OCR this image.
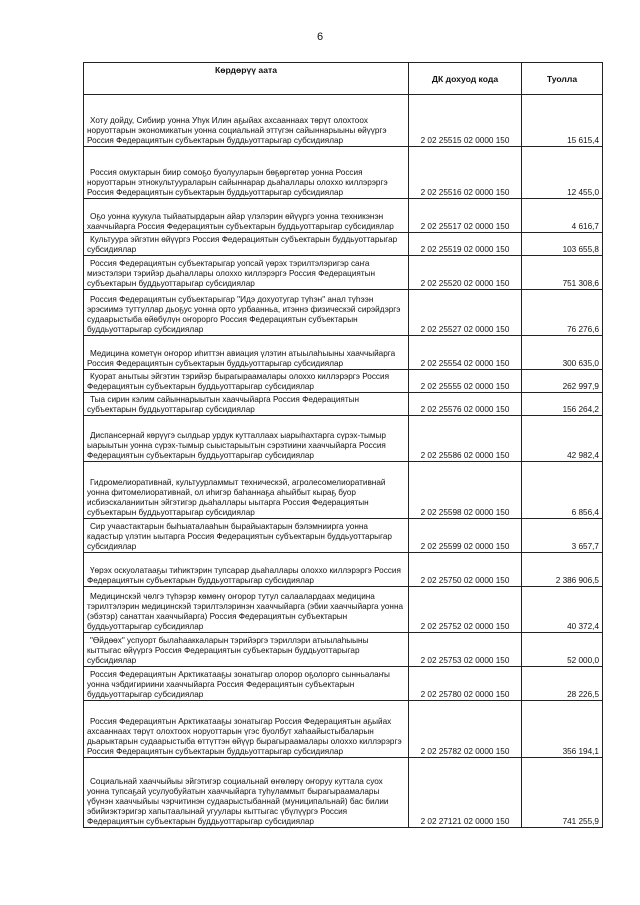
6
Көрдөрүү аата	ДК дохуод кода	Туолла

Хоту дойду, Сибиир уонна Уһук Илин аҕыйах ахсааннаах төрүт олохтоох норуоттарын экономикатын уонна социальнай эттүгэн сайыннарыыны өйүүргэ Россия Федерациятын субъектарын буддьуоттарыгар субсидиялар	2 02 25515 02 0000 150	15 615,4

Россия омуктарын биир сомоҕо буолууларын бөҕөргөтөр уонна Россия норуоттарын этнокультуураларын сайыннарар дьаһаллары олоххо киллэрэргэ Россия Федерациятын субъектарын буддьуоттарыгар субсидиялар	2 02 25516 02 0000 150	12 455,0

Оҕо уонна куукула тыйаатырдарын айар үлэлэрин өйүүргэ уонна техникэнэн хааччыйарга Россия Федерациятын субъектарын буддьуоттарыгар субсидиялар	2 02 25517 02 0000 150	4 616,7

Культуура эйгэтин өйүүргэ Россия Федерациятын субъектарын буддьуоттарыгар субсидиялар	2 02 25519 02 0000 150	103 655,8

Россия Федерациятын субъектарыгар уопсай үөрэх тэрилтэлэригэр саҥа миэстэлэри тэрийэр дьаһаллары олоххо киллэрэргэ Россия Федерациятын субъектарын буддьуоттарыгар субсидиялар	2 02 25520 02 0000 150	751 308,6

Россия Федерациятын субъектарыгар "Идэ дохуотугар түһэн" анал түһээн эрэсиимэ туттуллар дьоҕус уонна орто урбаанньа, итэннэ физическэй сирэйдэргэ судаарыстыба өйөбүлүн оҥорорго Россия Федерациятын субъектарын буддьуоттарыгар субсидиялар	2 02 25527 02 0000 150	76 276,6

Медицина кометүн оҥорор иһиттэн авиация үлэтин атыылаһыыны хааччыйарга Россия Федерациятын субъектарын буддьуоттарыгар субсидиялар	2 02 25554 02 0000 150	300 635,0

Куорат анытыы эйгэтин тэрийэр бырагыраамалары олоххо киллэрэргэ Россия Федерациятын субъектарын буддьуоттарыгар субсидиялар	2 02 25555 02 0000 150	262 997,9

Тыа сирин кэлим сайыннарыытын хааччыйарга Россия Федерациятын субъектарын буддьуоттарыгар субсидиялар	2 02 25576 02 0000 150	156 264,2

Диспансернай көрүүгэ сылдьар урдук кутталлаах ыарыһахтарга сүрэх-тымыр ыарыытын уонна сүрэх-тымыр сыыстарыытын сэрэтиини хааччыйарга Россия Федерациятын субъектарын буддьуоттарыгар субсидиялар	2 02 25586 02 0000 150	42 982,4

Гидромелиоративнай, культуурламмыт техническэй, агролесомелиоративнай уонна фитомелиоративнай, ол иһигэр баһаннаҕа аһыйбыт кыраҕ буор исбиэскаланиитын эйгэтигэр дьаһаллары ыытарга Россия Федерациятын субъектарын буддьуоттарыгар субсидиялар	2 02 25598 02 0000 150	6 856,4

Сир учаастактарын быһыаталааһын бырайыактарын бэлэмниирга уонна кадастыр үлэтин ыытарга Россия Федерациятын субъектарын буддьуоттарыгар субсидиялар	2 02 25599 02 0000 150	3 657,7

Үөрэх оскуолатааҕы тиһиктэрин тупсарар дьаһаллары олоххо киллэрэргэ Россия Федерациятын субъектарын буддьуоттарыгар субсидиялар	2 02 25750 02 0000 150	2 386 906,5

Медицинскэй чөлгэ түһэрэр көмөнү оҥорор тутул салаалардаах медицина тэрилтэлэрин медицинскэй тэрилтэлэринэн хааччыйарга (эбии хааччыйарга уонна (эбэтэр) санаттан хааччыйарга) Россия Федерациятын субъектарын буддьуоттарыгар субсидиялар	2 02 25752 02 0000 150	40 372,4

"Өйдөөх" успуорт былаһааккаларын тэрийэргэ тэриллэри атыылаһыыны кыттыгас өйүүргэ Россия Федерациятын субъектарын буддьуоттарыгар субсидиялар	2 02 25753 02 0000 150	52 000,0

Россия Федерациятын Арктикатааҕы зонатыгар олорор оҕолорго сынньалаҥы уонна чэбдигириини хааччыйарга Россия Федерациятын субъектарын буддьуоттарыгар субсидиялар	2 02 25780 02 0000 150	28 226,5

Россия Федерациятын Арктикатааҕы зонатыгар Россия Федерациятын аҕыйах ахсааннаах төрүт олохтоох норуоттарын үгэс буолбут хаһаайыстыбаларын дьарыктарын судаарыстыба өттүттэн өйүүр бырагыраамалары олоххо киллэрэргэ Россия Федерациятын субъектарын буддьуоттарыгар субсидиялар	2 02 25782 02 0000 150	356 194,1

Социальнай хааччыйыы эйгэтигэр социальнай өҥөлөрү оҥоруу куттала суох уонна тупсаҕай усулуобуйатын хааччыйарга туһуламмыт бырагыраамалары үбүнэн хааччыйыы чэрчитинэн судаарыстыбаннай (муниципальнай) бас билии эбийиэктэригэр хапытаалынай угуулары кыттыгас үбүлүүргэ Россия Федерациятын субъектарын буддьуоттарыгар субсидиялар	2 02 27121 02 0000 150	741 255,9
